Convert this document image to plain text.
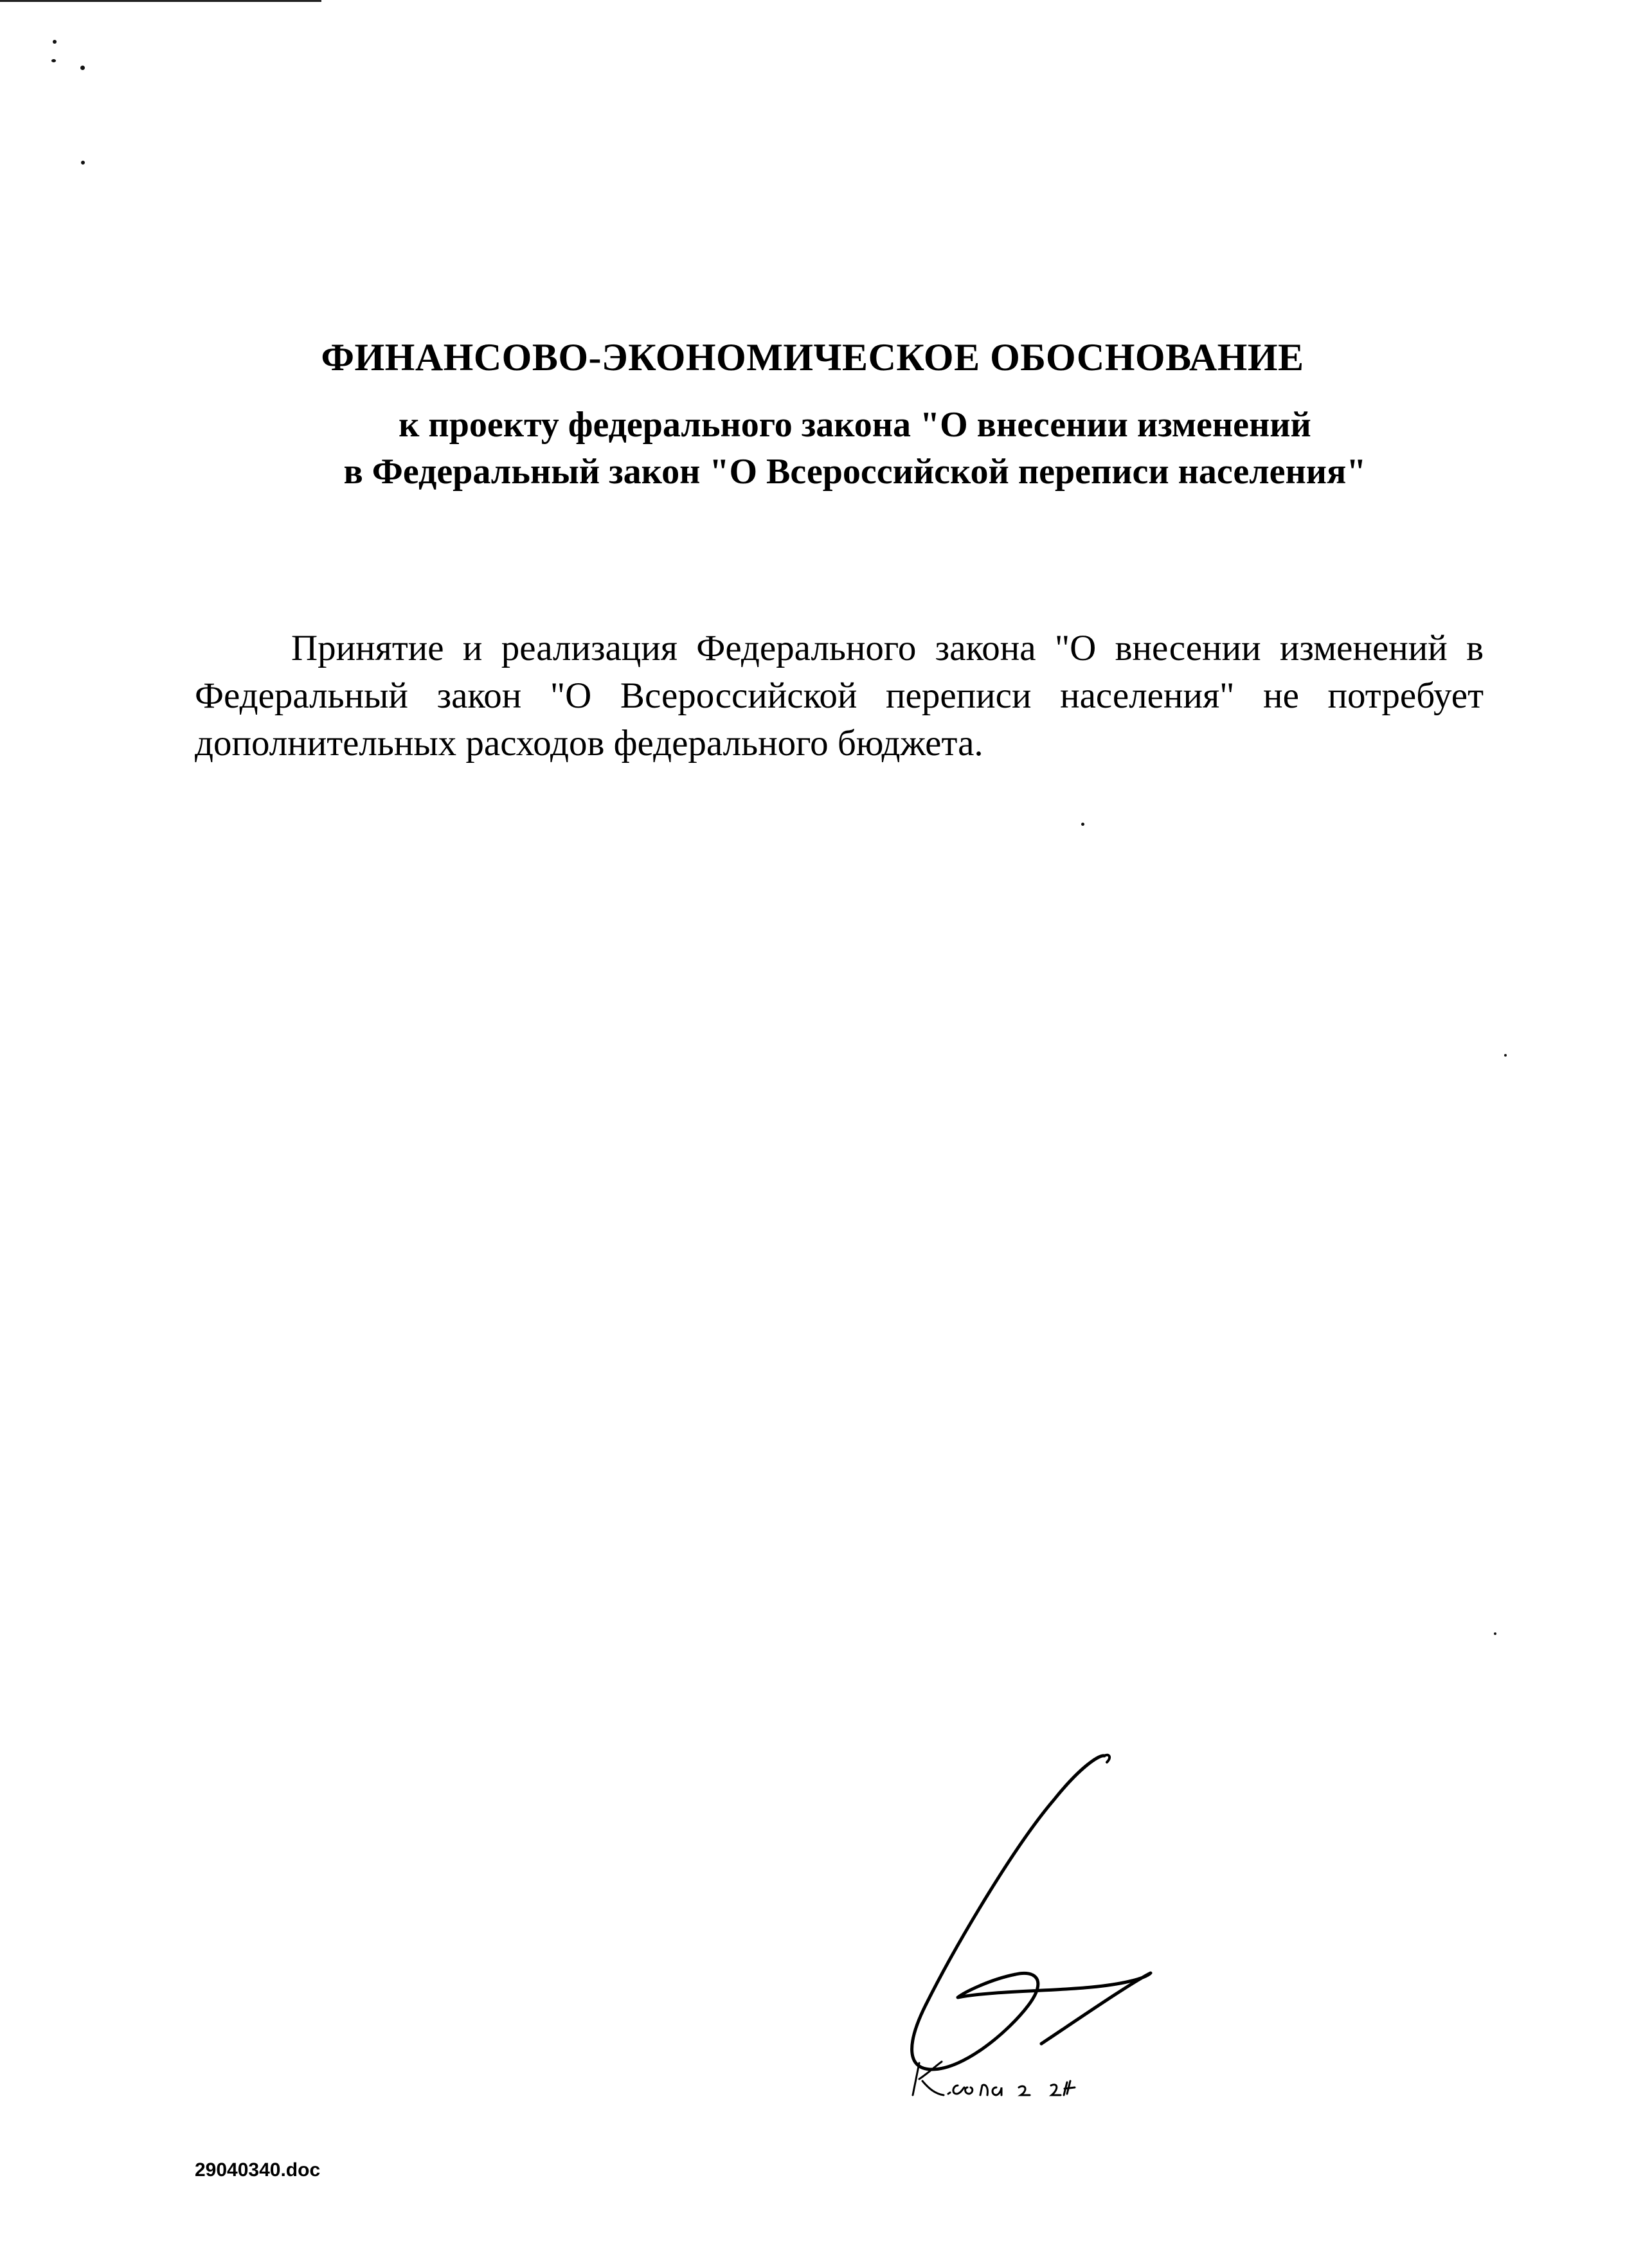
ФИНАНСОВО-ЭКОНОМИЧЕСКОЕ ОБОСНОВАНИЕ
к проекту федерального закона "О внесении изменений
в Федеральный закон "О Всероссийской переписи населения"

Принятие и реализация Федерального закона "О внесении изменений в Федеральный закон "О Всероссийской переписи населения" не потребует дополнительных расходов федерального бюджета.

29040340.doc
